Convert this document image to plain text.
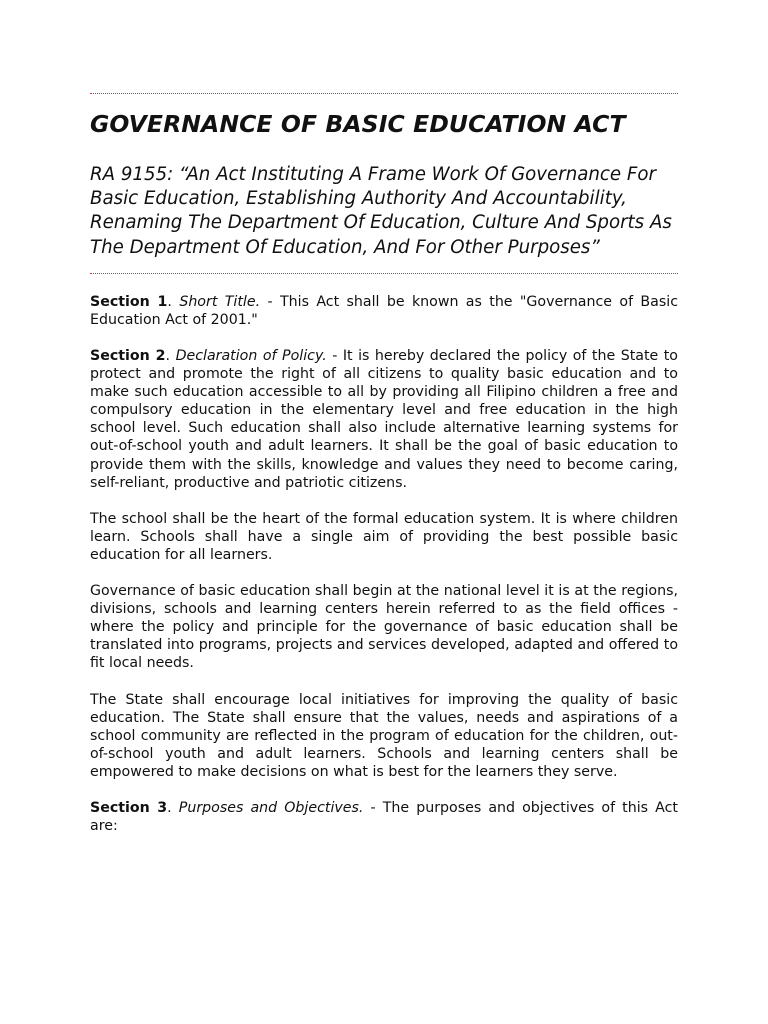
GOVERNANCE OF BASIC EDUCATION ACT
RA 9155: “An Act Instituting A Frame Work Of Governance For Basic Education, Establishing Authority And Accountability, Renaming The Department Of Education, Culture And Sports As The Department Of Education, And For Other Purposes”

Section 1. Short Title. - This Act shall be known as the "Governance of Basic Education Act of 2001."

Section 2. Declaration of Policy. - It is hereby declared the policy of the State to protect and promote the right of all citizens to quality basic education and to make such education accessible to all by providing all Filipino children a free and compulsory education in the elementary level and free education in the high school level. Such education shall also include alternative learning systems for out-of-school youth and adult learners. It shall be the goal of basic education to provide them with the skills, knowledge and values they need to become caring, self-reliant, productive and patriotic citizens.

The school shall be the heart of the formal education system. It is where children learn. Schools shall have a single aim of providing the best possible basic education for all learners.

Governance of basic education shall begin at the national level it is at the regions, divisions, schools and learning centers herein referred to as the field offices - where the policy and principle for the governance of basic education shall be translated into programs, projects and services developed, adapted and offered to fit local needs.

The State shall encourage local initiatives for improving the quality of basic education. The State shall ensure that the values, needs and aspirations of a school community are reflected in the program of education for the children, out-of-school youth and adult learners. Schools and learning centers shall be empowered to make decisions on what is best for the learners they serve.

Section 3. Purposes and Objectives. - The purposes and objectives of this Act are:
